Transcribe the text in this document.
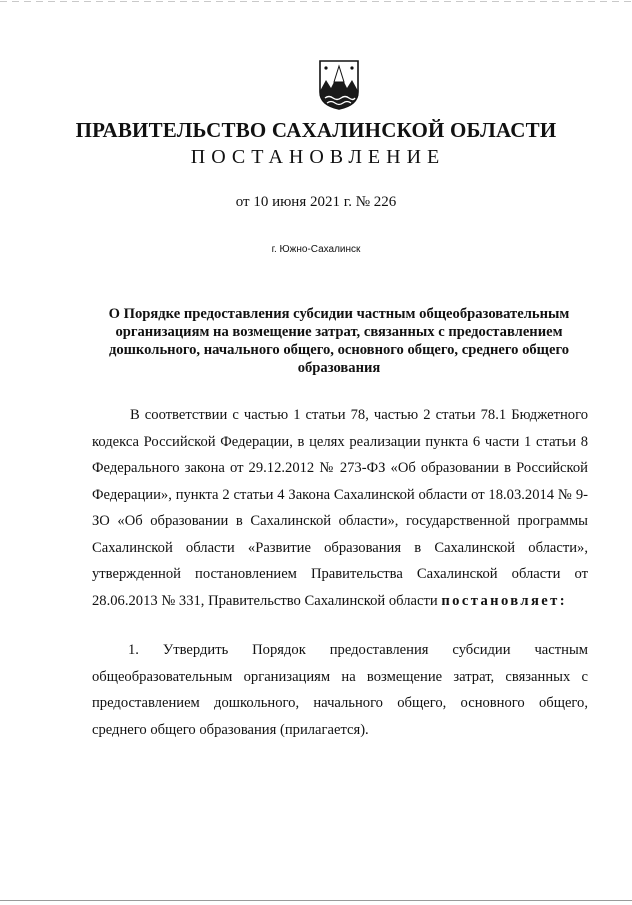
ПРАВИТЕЛЬСТВО САХАЛИНСКОЙ ОБЛАСТИ
ПОСТАНОВЛЕНИЕ
от 10 июня 2021 г. № 226
г. Южно-Сахалинск
О Порядке предоставления субсидии частным общеобразовательным организациям на возмещение затрат, связанных с предоставлением дошкольного, начального общего, основного общего, среднего общего образования
В соответствии с частью 1 статьи 78, частью 2 статьи 78.1 Бюджетного кодекса Российской Федерации, в целях реализации пункта 6 части 1 статьи 8 Федерального закона от 29.12.2012 № 273-ФЗ «Об образовании в Российской Федерации», пункта 2 статьи 4 Закона Сахалинской области от 18.03.2014 № 9-ЗО «Об образовании в Сахалинской области», государственной программы Сахалинской области «Развитие образования в Сахалинской области», утвержденной постановлением Правительства Сахалинской области от 28.06.2013 № 331, Правительство Сахалинской области постановляет:
1. Утвердить Порядок предоставления субсидии частным общеобразовательным организациям на возмещение затрат, связанных с предоставлением дошкольного, начального общего, основного общего, среднего общего образования (прилагается).
